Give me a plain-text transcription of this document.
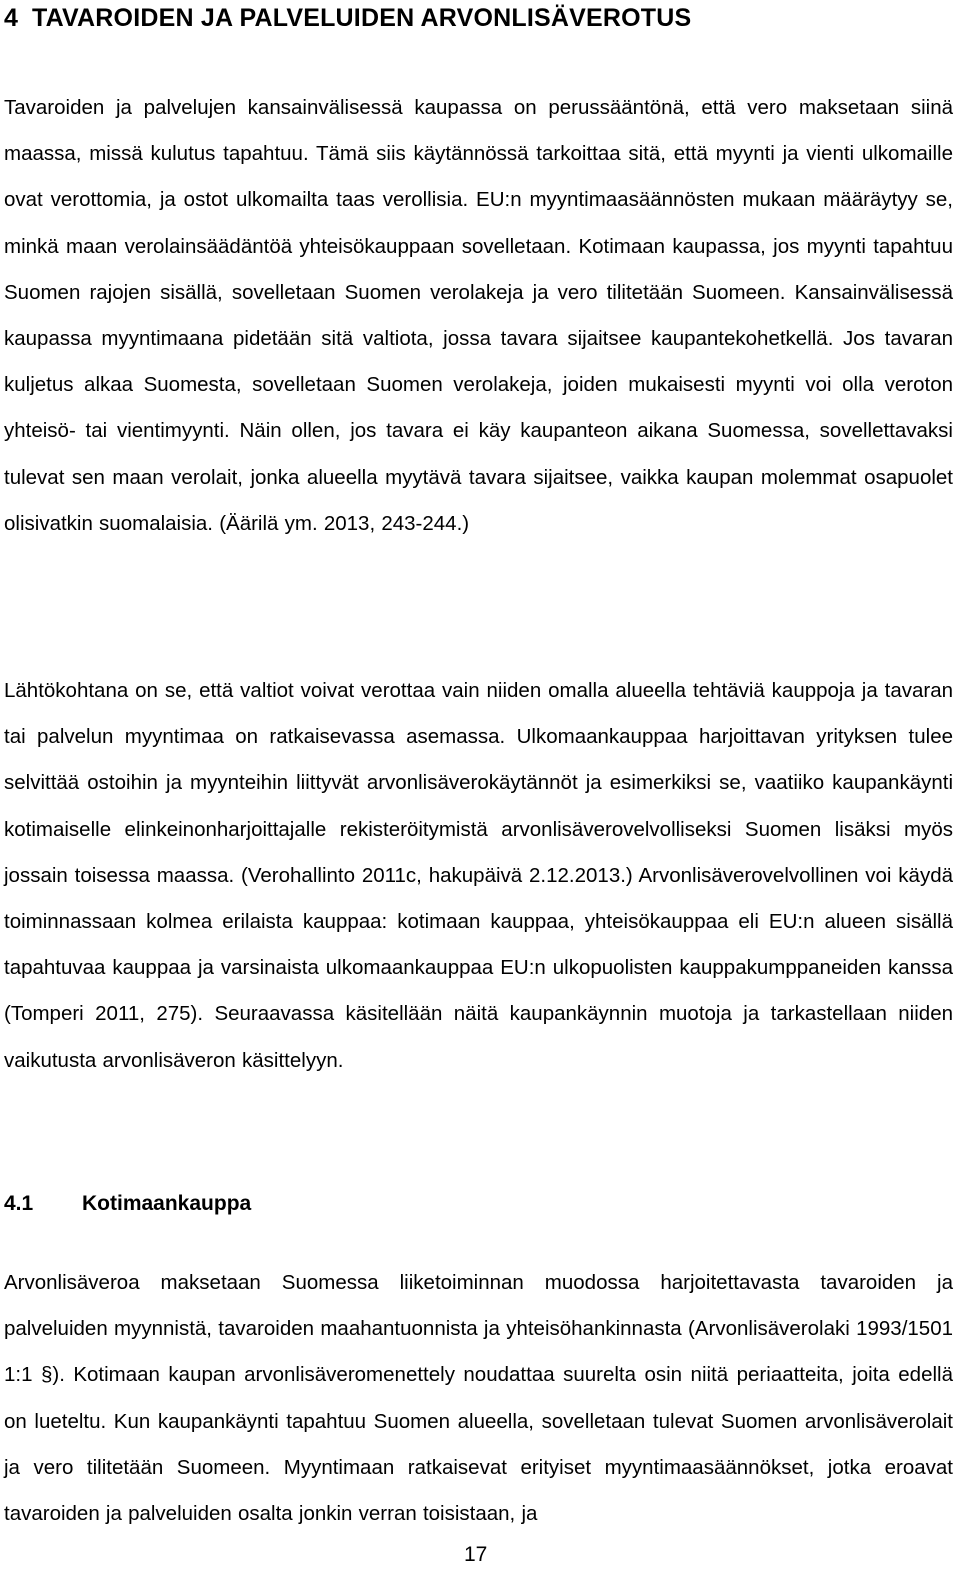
4 TAVAROIDEN JA PALVELUIDEN ARVONLISÄVEROTUS

Tavaroiden ja palvelujen kansainvälisessä kaupassa on perussääntönä, että vero maksetaan siinä maassa, missä kulutus tapahtuu. Tämä siis käytännössä tarkoittaa sitä, että myynti ja vienti ulkomaille ovat verottomia, ja ostot ulkomailta taas verollisia. EU:n myyntimaasäännösten mukaan määräytyy se, minkä maan verolainsäädäntöä yhteisökauppaan sovelletaan. Kotimaan kaupassa, jos myynti tapahtuu Suomen rajojen sisällä, sovelletaan Suomen verolakeja ja vero tilitetään Suomeen. Kansainvälisessä kaupassa myyntimaana pidetään sitä valtiota, jossa tavara sijaitsee kaupantekohetkellä. Jos tavaran kuljetus alkaa Suomesta, sovelletaan Suomen verolakeja, joiden mukaisesti myynti voi olla veroton yhteisö- tai vientimyynti. Näin ollen, jos tavara ei käy kaupanteon aikana Suomessa, sovellettavaksi tulevat sen maan verolait, jonka alueella myytävä tavara sijaitsee, vaikka kaupan molemmat osapuolet olisivatkin suomalaisia. (Äärilä ym. 2013, 243-244.)

Lähtökohtana on se, että valtiot voivat verottaa vain niiden omalla alueella tehtäviä kauppoja ja tavaran tai palvelun myyntimaa on ratkaisevassa asemassa. Ulkomaankauppaa harjoittavan yrityksen tulee selvittää ostoihin ja myynteihin liittyvät arvonlisäverokäytännöt ja esimerkiksi se, vaatiiko kaupankäynti kotimaiselle elinkeinonharjoittajalle rekisteröitymistä arvonlisäverovelvolliseksi Suomen lisäksi myös jossain toisessa maassa. (Verohallinto 2011c, hakupäivä 2.12.2013.) Arvonlisäverovelvollinen voi käydä toiminnassaan kolmea erilaista kauppaa: kotimaan kauppaa, yhteisökauppaa eli EU:n alueen sisällä tapahtuvaa kauppaa ja varsinaista ulkomaankauppaa EU:n ulkopuolisten kauppakumppaneiden kanssa (Tomperi 2011, 275). Seuraavassa käsitellään näitä kaupankäynnin muotoja ja tarkastellaan niiden vaikutusta arvonlisäveron käsittelyyn.

4.1 Kotimaankauppa

Arvonlisäveroa maksetaan Suomessa liiketoiminnan muodossa harjoitettavasta tavaroiden ja palveluiden myynnistä, tavaroiden maahantuonnista ja yhteisöhankinnasta (Arvonlisäverolaki 1993/1501 1:1 §). Kotimaan kaupan arvonlisäveromenettely noudattaa suurelta osin niitä periaatteita, joita edellä on lueteltu. Kun kaupankäynti tapahtuu Suomen alueella, sovelletaan tulevat Suomen arvonlisäverolait ja vero tilitetään Suomeen. Myyntimaan ratkaisevat erityiset myyntimaasäännökset, jotka eroavat tavaroiden ja palveluiden osalta jonkin verran toisistaan, ja

17
